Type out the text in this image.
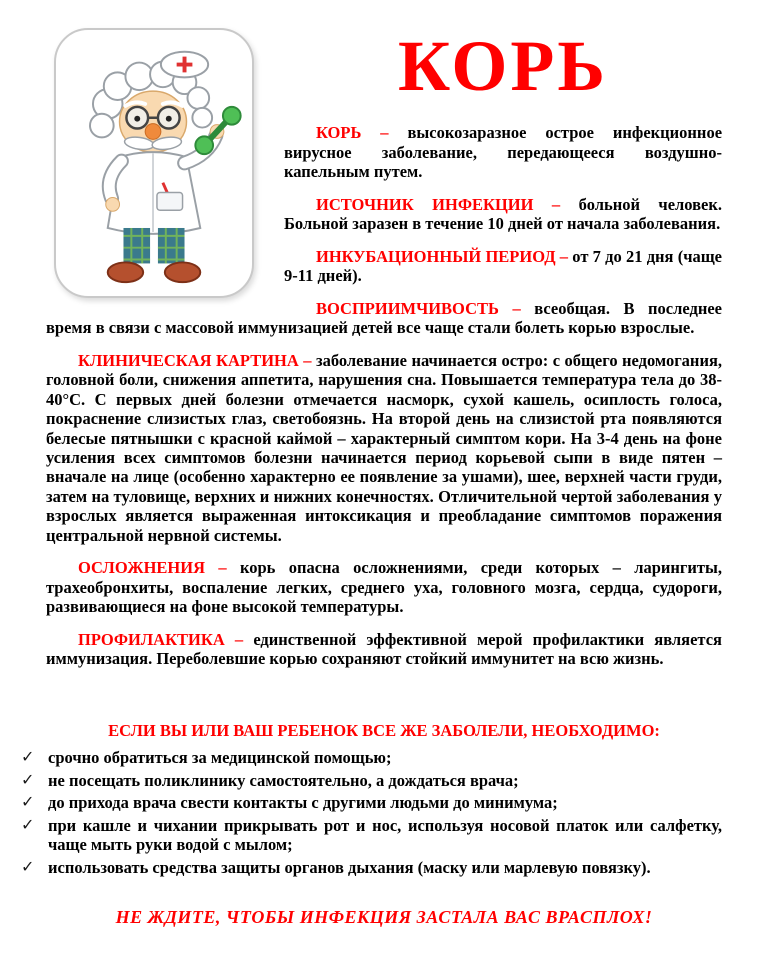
КОРЬ

КОРЬ – высокозаразное острое инфекционное вирусное заболевание, передающееся воздушно-капельным путем.

ИСТОЧНИК ИНФЕКЦИИ – больной человек. Больной заразен в течение 10 дней от начала заболевания.

ИНКУБАЦИОННЫЙ ПЕРИОД – от 7 до 21 дня (чаще 9-11 дней).

ВОСПРИИМЧИВОСТЬ – всеобщая. В последнее время в связи с массовой иммунизацией детей все чаще стали болеть корью взрослые.

КЛИНИЧЕСКАЯ КАРТИНА – заболевание начинается остро: с общего недомогания, головной боли, снижения аппетита, нарушения сна. Повышается температура тела до 38-40°С. С первых дней болезни отмечается насморк, сухой кашель, осиплость голоса, покраснение слизистых глаз, светобоязнь. На второй день на слизистой рта появляются белесые пятнышки с красной каймой – характерный симптом кори. На 3-4 день на фоне усиления всех симптомов болезни начинается период корьевой сыпи в виде пятен – вначале на лице (особенно характерно ее появление за ушами), шее, верхней части груди, затем на туловище, верхних и нижних конечностях. Отличительной чертой заболевания у взрослых является выраженная интоксикация и преобладание симптомов поражения центральной нервной системы.

ОСЛОЖНЕНИЯ – корь опасна осложнениями, среди которых – ларингиты, трахеобронхиты, воспаление легких, среднего уха, головного мозга, сердца, судороги, развивающиеся на фоне высокой температуры.

ПРОФИЛАКТИКА – единственной эффективной мерой профилактики является иммунизация. Переболевшие корью сохраняют стойкий иммунитет на всю жизнь.

ЕСЛИ ВЫ ИЛИ ВАШ РЕБЕНОК ВСЕ ЖЕ ЗАБОЛЕЛИ, НЕОБХОДИМО:
✓ срочно обратиться за медицинской помощью;
✓ не посещать поликлинику самостоятельно, а дождаться врача;
✓ до прихода врача свести контакты с другими людьми до минимума;
✓ при кашле и чихании прикрывать рот и нос, используя носовой платок или салфетку, чаще мыть руки водой с мылом;
✓ использовать средства защиты органов дыхания (маску или марлевую повязку).
НЕ ЖДИТЕ, ЧТОБЫ ИНФЕКЦИЯ ЗАСТАЛА ВАС ВРАСПЛОХ!
